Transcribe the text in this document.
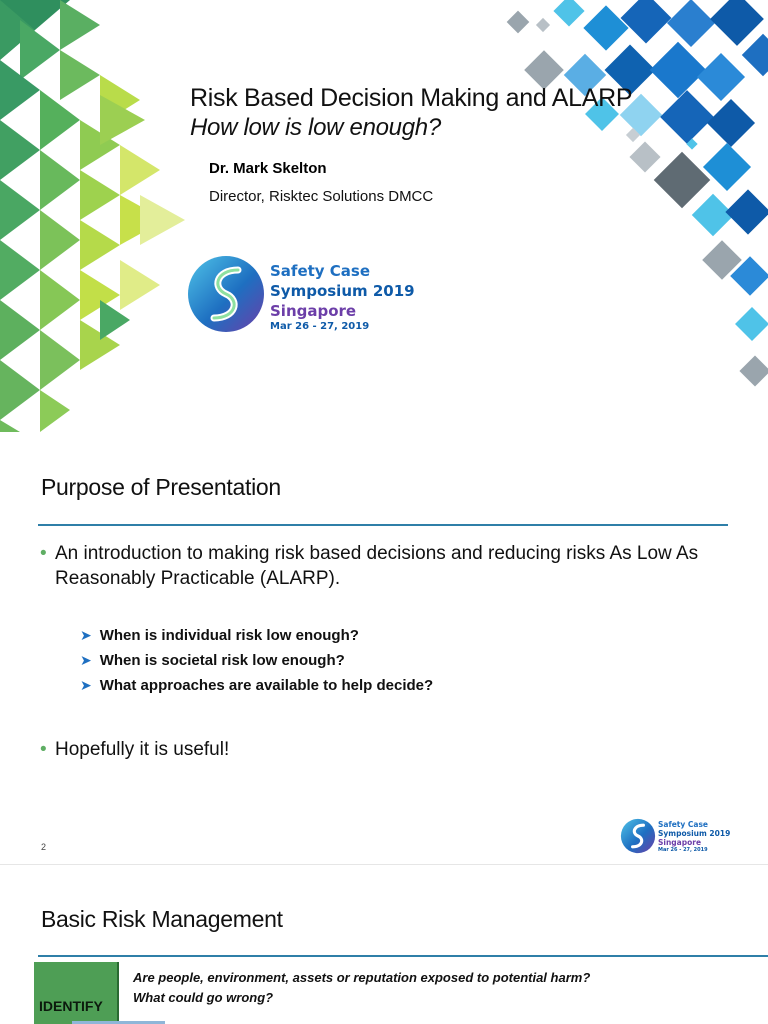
Risk Based Decision Making and ALARP
How low is low enough?
Dr. Mark Skelton
Director, Risktec Solutions DMCC
Safety Case
Symposium 2019
Singapore
Mar 26 - 27, 2019
Purpose of Presentation
• An introduction to making risk based decisions and reducing risks As Low As Reasonably Practicable (ALARP).
➤ When is individual risk low enough?
➤ When is societal risk low enough?
➤ What approaches are available to help decide?
• Hopefully it is useful!
2
Safety Case
Symposium 2019
Singapore
Mar 26 - 27, 2019
Basic Risk Management
IDENTIFY
Are people, environment, assets or reputation exposed to potential harm?
What could go wrong?
